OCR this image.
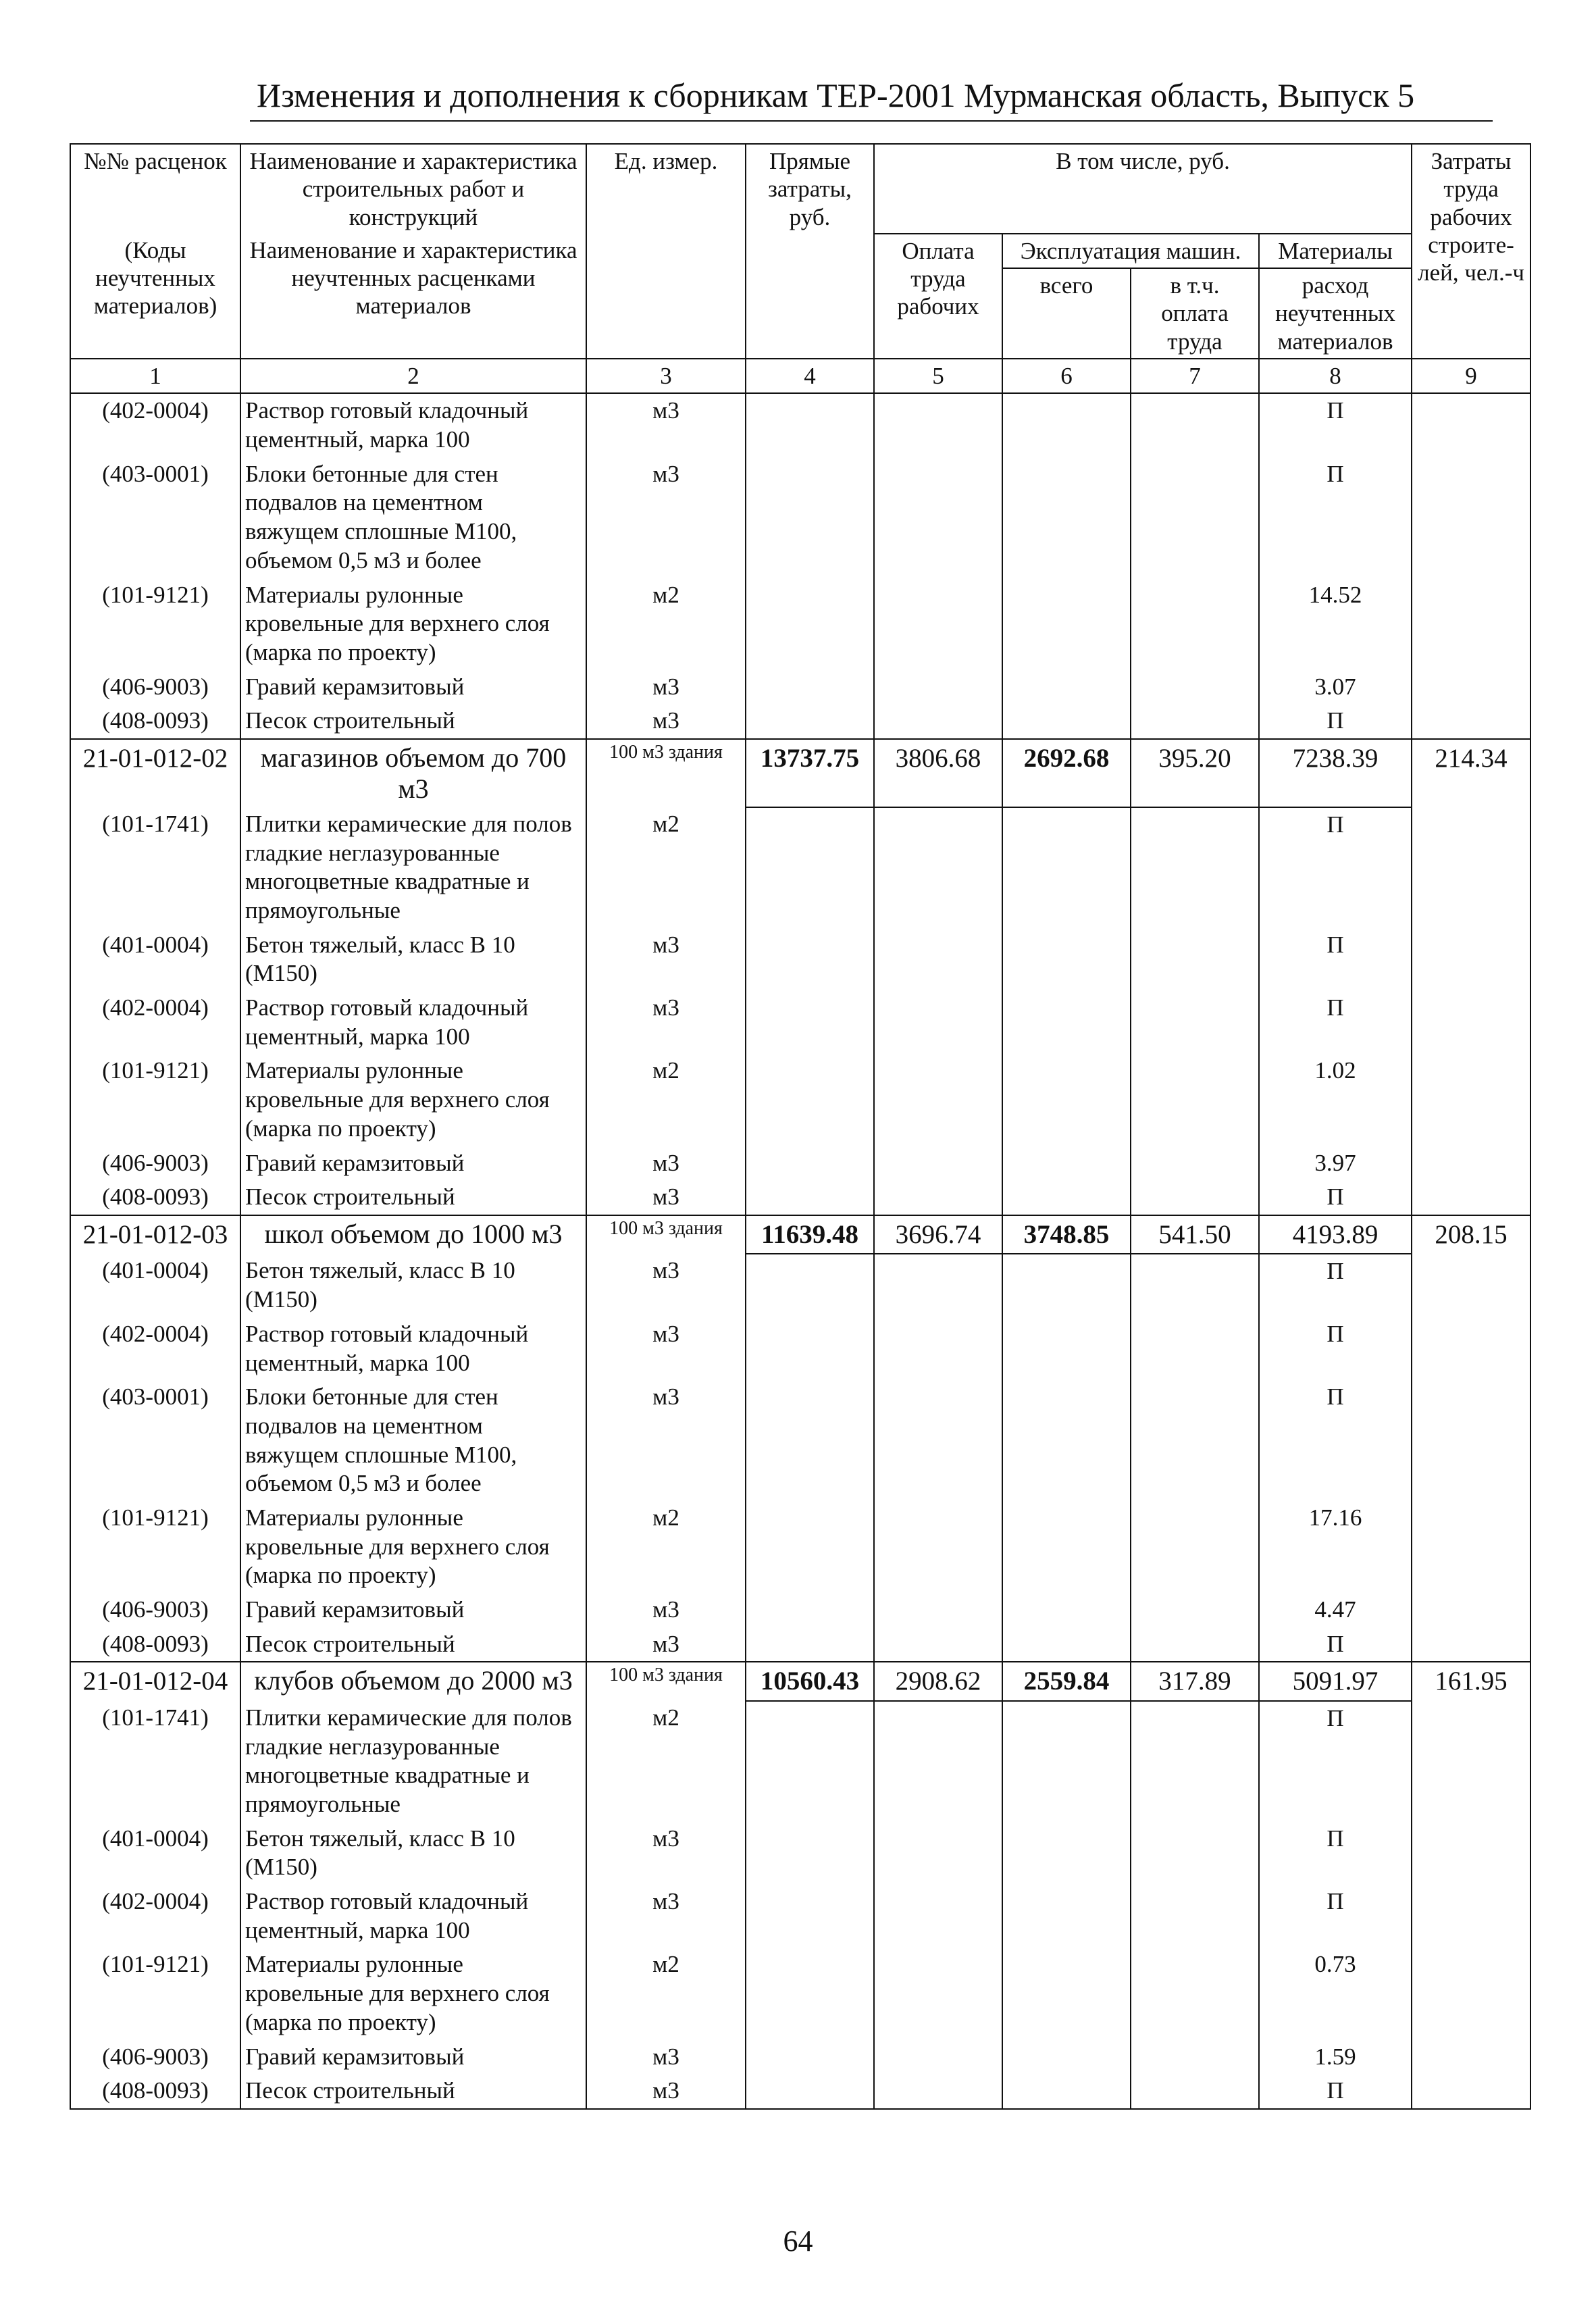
Изменения и дополнения к сборникам ТЕР-2001 Мурманская область, Выпуск 5
№№ расценок	Наименование и характеристика строительных работ и конструкций	Ед. измер.	Прямые затраты, руб.	В том числе, руб.				Затраты труда рабочих строите-лей, чел.-ч
(Коды неучтенных материалов)	Наименование и характеристика неучтенных расценками материалов			Оплата труда рабочих	Эксплуатация машин.		Материалы	
					всего	в т.ч. оплата труда	расход неучтенных материалов	
1	2	3	4	5	6	7	8	9
(402-0004)	Раствор готовый кладочный цементный, марка 100	м3					П	
(403-0001)	Блоки бетонные для стен подвалов на цементном вяжущем сплошные М100, объемом 0,5 м3 и более	м3					П	
(101-9121)	Материалы рулонные кровельные для верхнего слоя (марка по проекту)	м2					14.52	
(406-9003)	Гравий керамзитовый	м3					3.07	
(408-0093)	Песок строительный	м3					П	
21-01-012-02	магазинов объемом до 700 м3	100 м3 здания	13737.75	3806.68	2692.68	395.20	7238.39	214.34
(101-1741)	Плитки керамические для полов гладкие неглазурованные многоцветные квадратные и прямоугольные	м2					П	
(401-0004)	Бетон тяжелый, класс В 10 (М150)	м3					П	
(402-0004)	Раствор готовый кладочный цементный, марка 100	м3					П	
(101-9121)	Материалы рулонные кровельные для верхнего слоя (марка по проекту)	м2					1.02	
(406-9003)	Гравий керамзитовый	м3					3.97	
(408-0093)	Песок строительный	м3					П	
21-01-012-03	школ объемом до 1000 м3	100 м3 здания	11639.48	3696.74	3748.85	541.50	4193.89	208.15
(401-0004)	Бетон тяжелый, класс В 10 (М150)	м3					П	
(402-0004)	Раствор готовый кладочный цементный, марка 100	м3					П	
(403-0001)	Блоки бетонные для стен подвалов на цементном вяжущем сплошные М100, объемом 0,5 м3 и более	м3					П	
(101-9121)	Материалы рулонные кровельные для верхнего слоя (марка по проекту)	м2					17.16	
(406-9003)	Гравий керамзитовый	м3					4.47	
(408-0093)	Песок строительный	м3					П	
21-01-012-04	клубов объемом до 2000 м3	100 м3 здания	10560.43	2908.62	2559.84	317.89	5091.97	161.95
(101-1741)	Плитки керамические для полов гладкие неглазурованные многоцветные квадратные и прямоугольные	м2					П	
(401-0004)	Бетон тяжелый, класс В 10 (М150)	м3					П	
(402-0004)	Раствор готовый кладочный цементный, марка 100	м3					П	
(101-9121)	Материалы рулонные кровельные для верхнего слоя (марка по проекту)	м2					0.73	
(406-9003)	Гравий керамзитовый	м3					1.59	
(408-0093)	Песок строительный	м3					П	
64
